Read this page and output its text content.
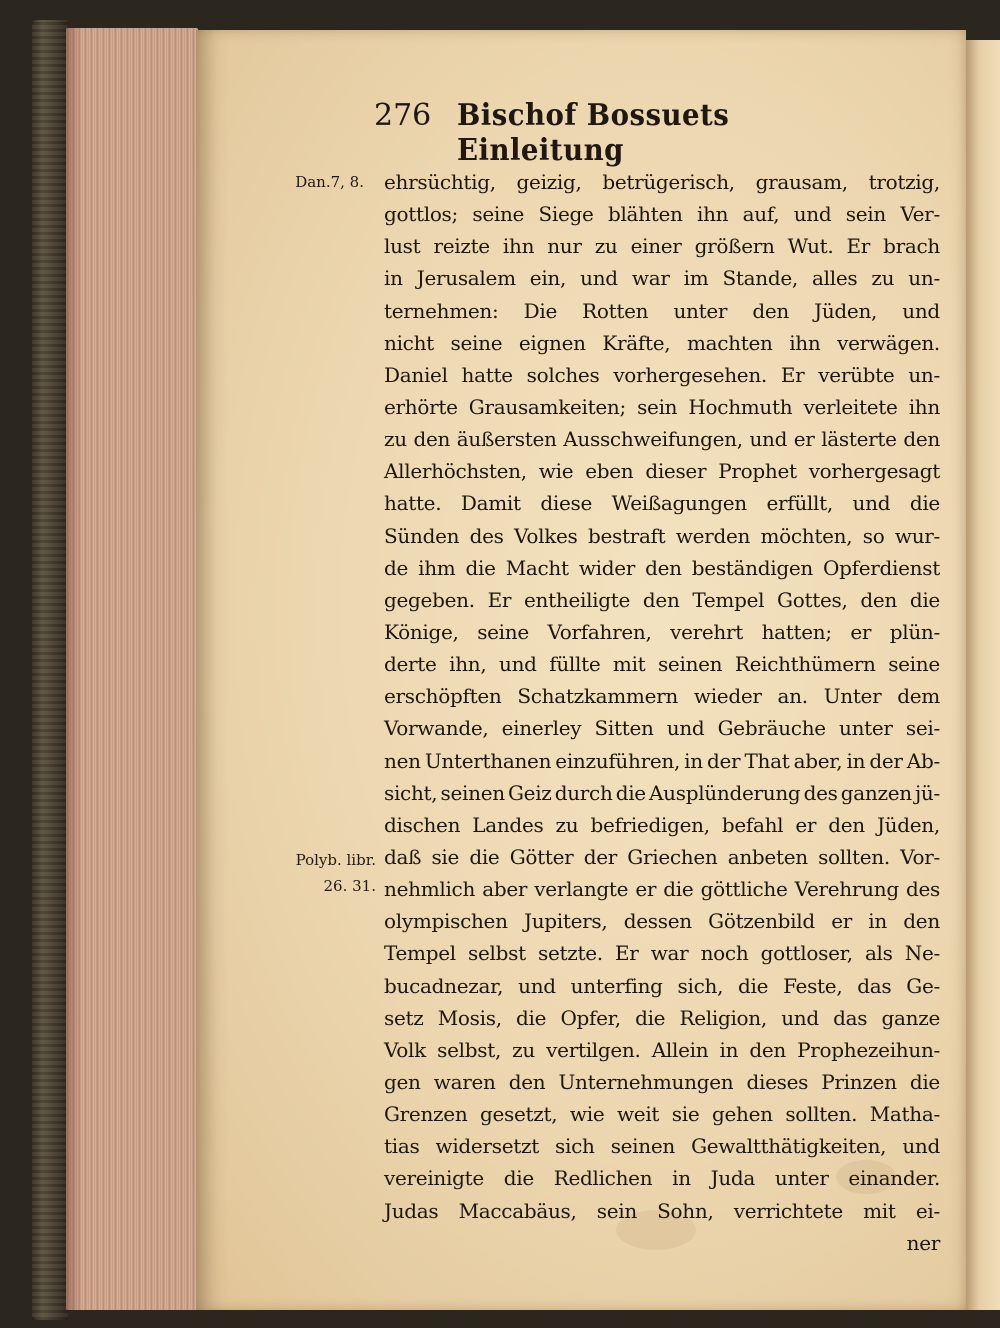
276 Bischof Bossuets Einleitung
Dan.7, 8.
Polyb. libr.
26. 31.
ehrsüchtig, geizig, betrügerisch, grausam, trotzig,
gottlos; seine Siege blähten ihn auf, und sein Ver-
lust reizte ihn nur zu einer größern Wut. Er brach
in Jerusalem ein, und war im Stande, alles zu un-
ternehmen: Die Rotten unter den Jüden, und
nicht seine eignen Kräfte, machten ihn verwägen.
Daniel hatte solches vorhergesehen. Er verübte un-
erhörte Grausamkeiten; sein Hochmuth verleitete ihn
zu den äußersten Ausschweifungen, und er lästerte den
Allerhöchsten, wie eben dieser Prophet vorhergesagt
hatte. Damit diese Weißagungen erfüllt, und die
Sünden des Volkes bestraft werden möchten, so wur-
de ihm die Macht wider den beständigen Opferdienst
gegeben. Er entheiligte den Tempel Gottes, den die
Könige, seine Vorfahren, verehrt hatten; er plün-
derte ihn, und füllte mit seinen Reichthümern seine
erschöpften Schatzkammern wieder an. Unter dem
Vorwande, einerley Sitten und Gebräuche unter sei-
nen Unterthanen einzuführen, in der That aber, in der Ab-
sicht, seinen Geiz durch die Ausplünderung des ganzen jü-
dischen Landes zu befriedigen, befahl er den Jüden,
daß sie die Götter der Griechen anbeten sollten. Vor-
nehmlich aber verlangte er die göttliche Verehrung des
olympischen Jupiters, dessen Götzenbild er in den
Tempel selbst setzte. Er war noch gottloser, als Ne-
bucadnezar, und unterfing sich, die Feste, das Ge-
setz Mosis, die Opfer, die Religion, und das ganze
Volk selbst, zu vertilgen. Allein in den Prophezeihun-
gen waren den Unternehmungen dieses Prinzen die
Grenzen gesetzt, wie weit sie gehen sollten. Matha-
tias widersetzt sich seinen Gewaltthätigkeiten, und
vereinigte die Redlichen in Juda unter einander.
Judas Maccabäus, sein Sohn, verrichtete mit ei-
ner
